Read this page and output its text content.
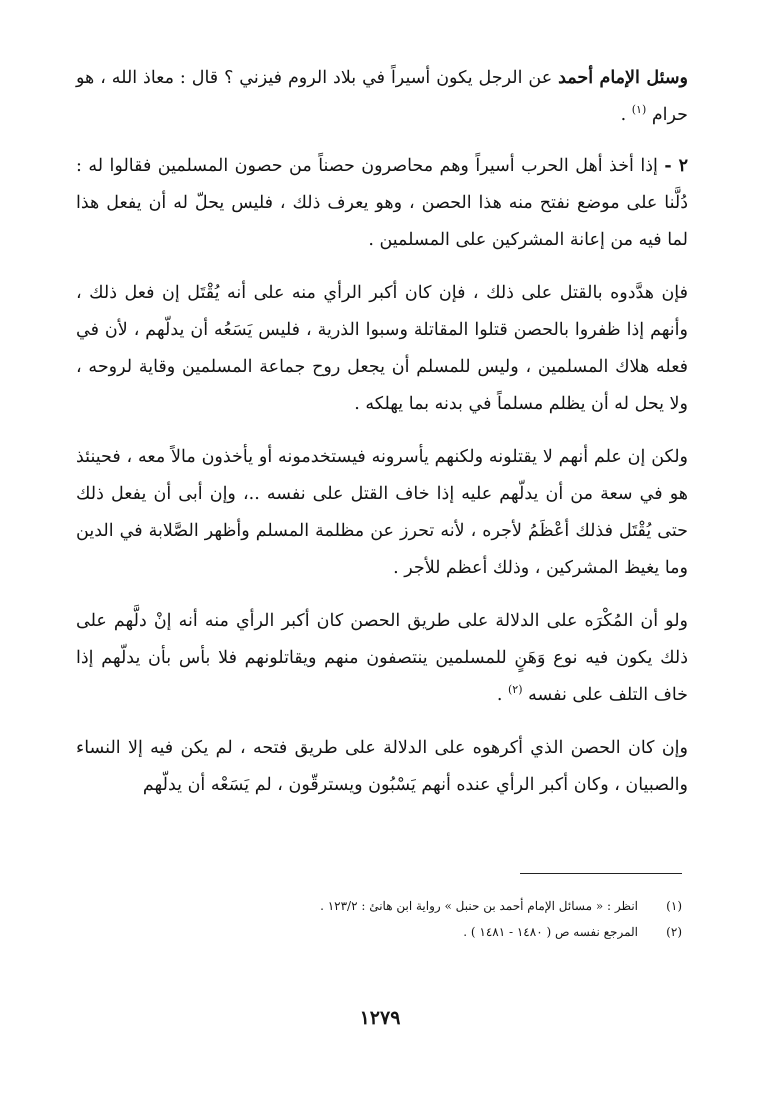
وسئل الإمام أحمد عن الرجل يكون أسيراً في بلاد الروم فيزني ؟ قال : معاذ الله ، هو حرام $^{(١)}$ .

٢ - إذا أخذ أهل الحرب أسيراً وهم محاصرون حصناً من حصون المسلمين فقالوا له : دُلَّنا على موضع نفتح منه هذا الحصن ، وهو يعرف ذلك ، فليس يحلّ له أن يفعل هذا لما فيه من إعانة المشركين على المسلمين .

فإن هدَّدوه بالقتل على ذلك ، فإن كان أكبر الرأي منه على أنه يُقْتَل إن فعل ذلك ، وأنهم إذا ظفروا بالحصن قتلوا المقاتلة وسبوا الذرية ، فليس يَسَعُه أن يدلّهم ، لأن في فعله هلاك المسلمين ، وليس للمسلم أن يجعل روح جماعة المسلمين وقاية لروحه ، ولا يحل له أن يظلم مسلماً في بدنه بما يهلكه .

ولكن إن علم أنهم لا يقتلونه ولكنهم يأسرونه فيستخدمونه أو يأخذون مالاً معه ، فحينئذ هو في سعة من أن يدلّهم عليه إذا خاف القتل على نفسه ..، وإن أبى أن يفعل ذلك حتى يُقْتَل فذلك أعْظَمُ لأجره ، لأنه تحرز عن مظلمة المسلم وأظهر الصَّلابة في الدين وما يغيظ المشركين ، وذلك أعظم للأجر .

ولو أن المُكْرَه على الدلالة على طريق الحصن كان أكبر الرأي منه أنه إنْ دلَّهم على ذلك يكون فيه نوع وَهَنٍ للمسلمين ينتصفون منهم ويقاتلونهم فلا بأس بأن يدلّهم إذا خاف التلف على نفسه $^{(٢)}$ .

وإن كان الحصن الذي أكرهوه على الدلالة على طريق فتحه ، لم يكن فيه إلا النساء والصبيان ، وكان أكبر الرأي عنده أنهم يَسْبُون ويسترقّون ، لم يَسَعْه أن يدلّهم

(١)
انظر : « مسائل الإمام أحمد بن حنبل » رواية ابن هانئ : ١٢٣/٢ .
(٢)
المرجع نفسه ص ( ١٤٨٠ - ١٤٨١ ) .
١٢٧٩
